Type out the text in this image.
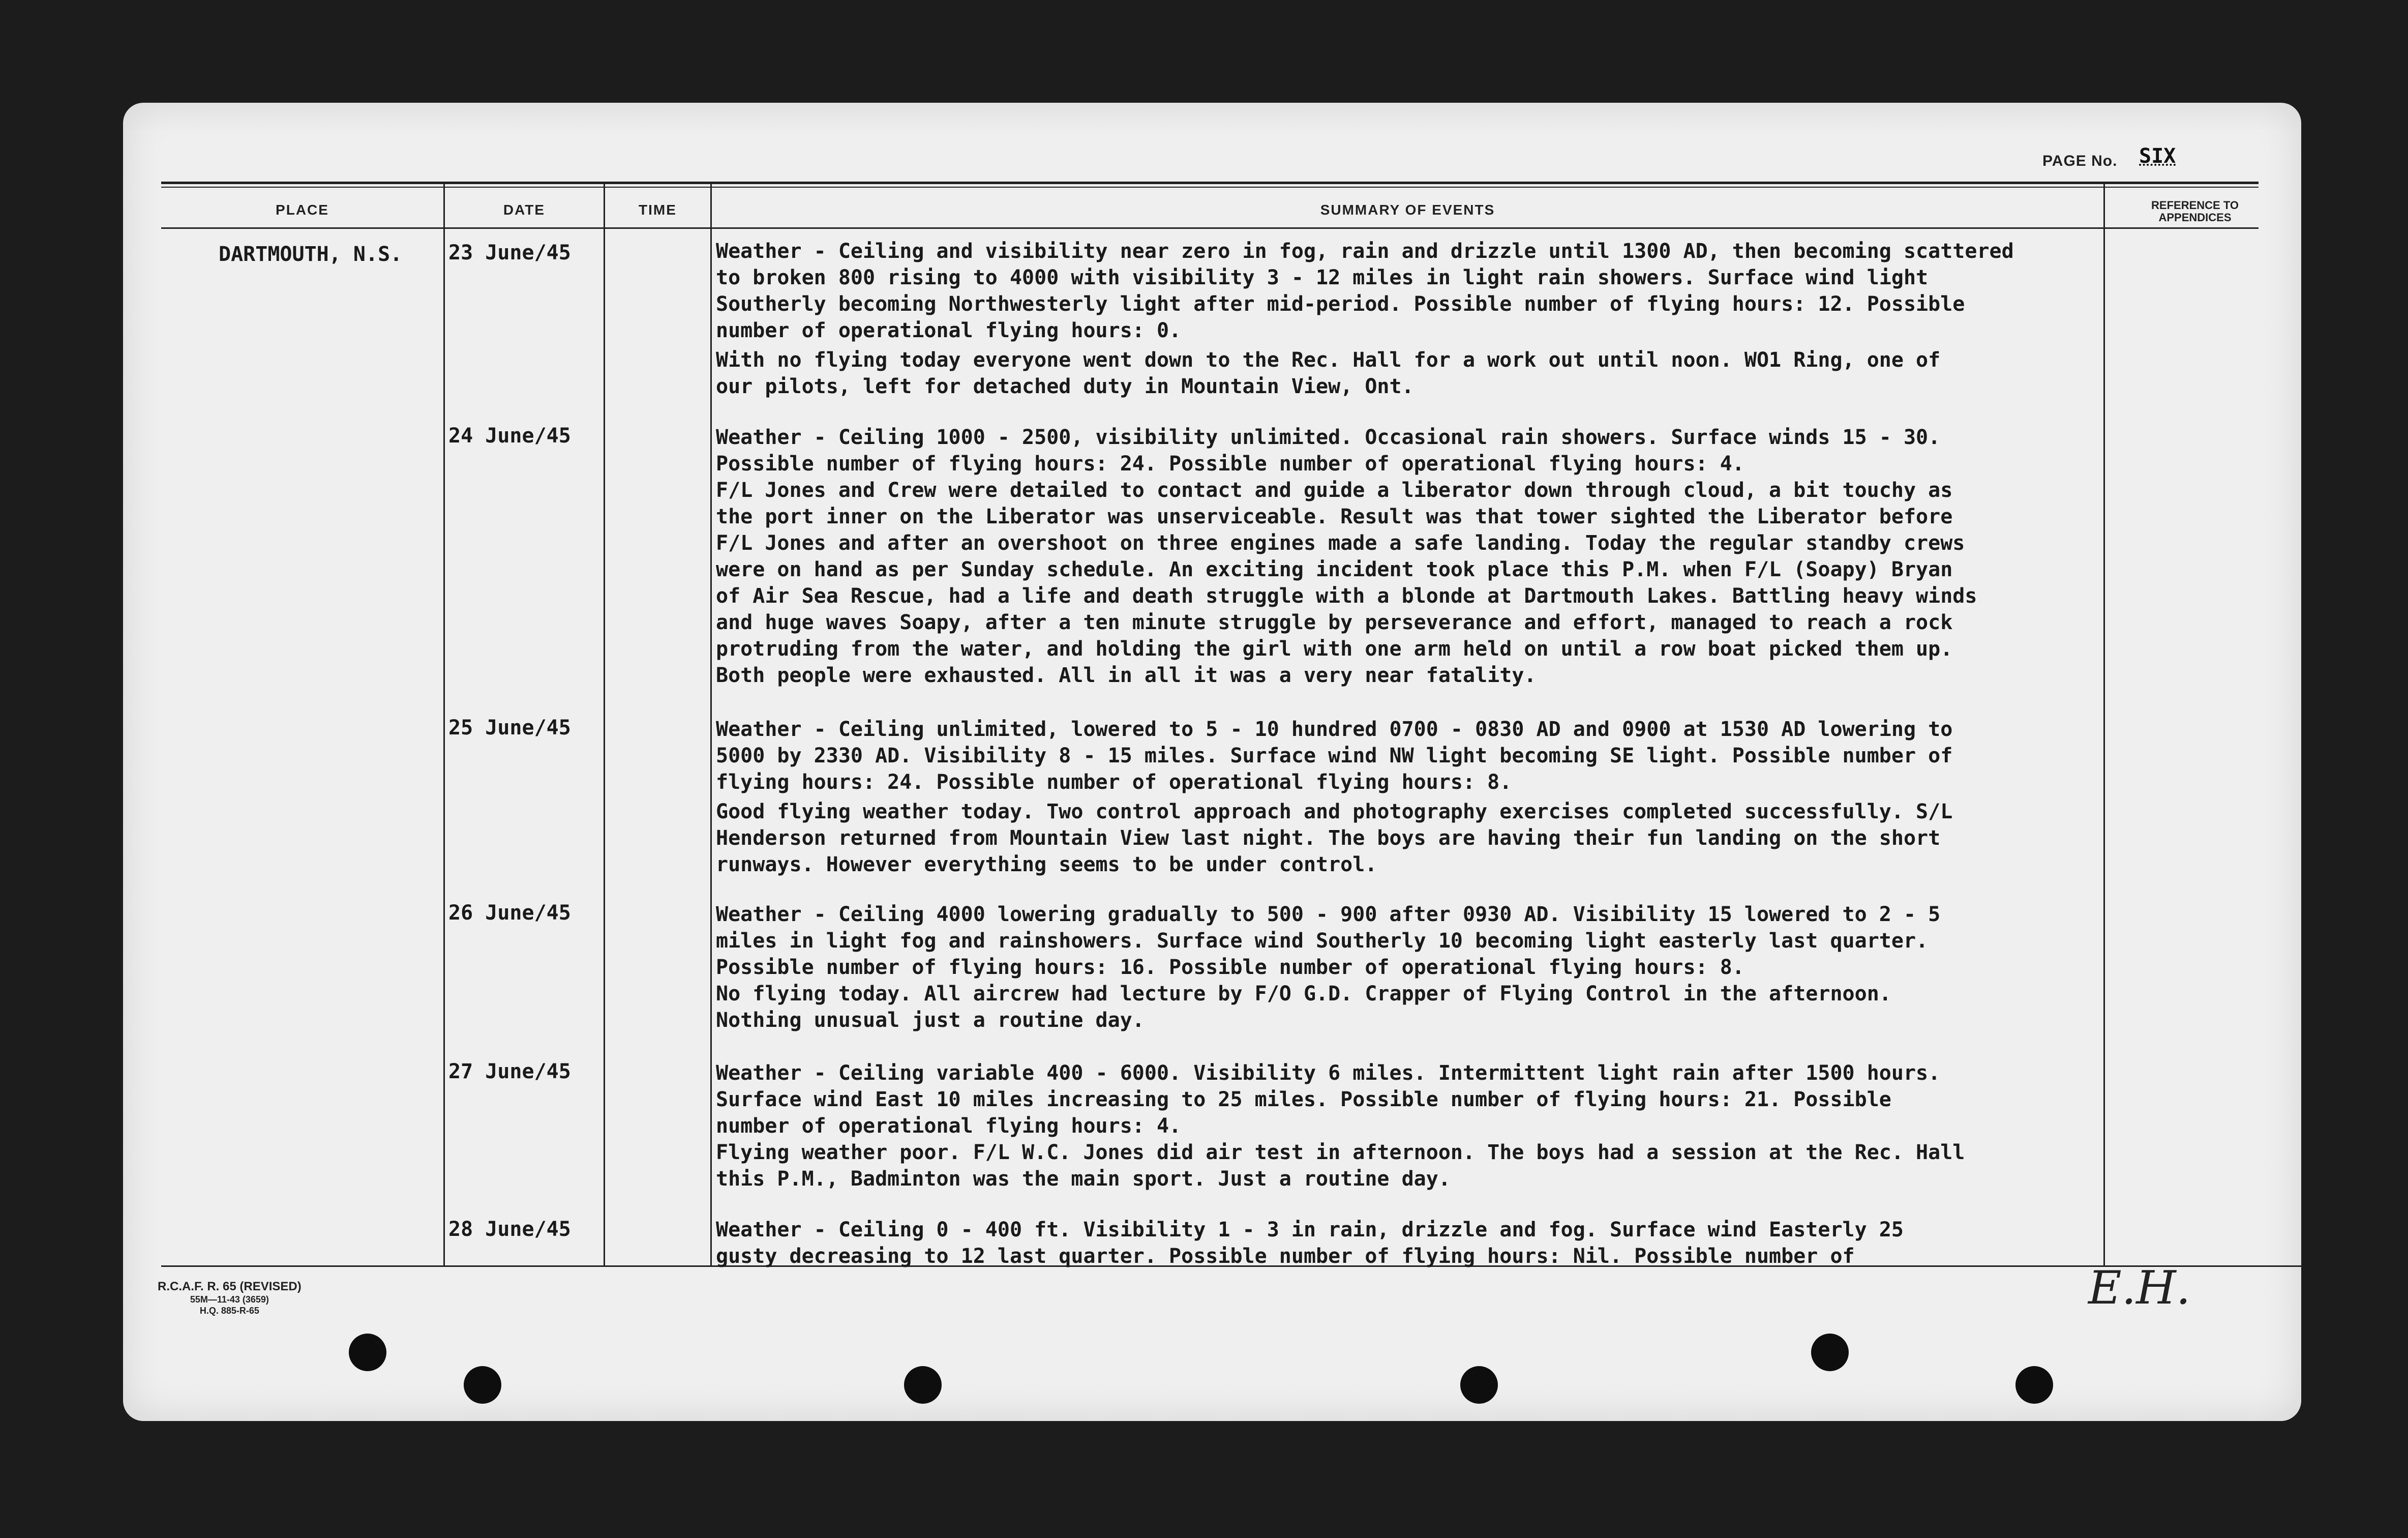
PAGE No. SIX
PLACE	DATE	TIME	SUMMARY OF EVENTS	REFERENCE TO
APPENDICES
DARTMOUTH, N.S. 23 June/45	Weather - Ceiling and visibility near zero in fog, rain and drizzle until 1300 AD, then becoming scattered

to broken 800 rising to 4000 with visibility 3 - 12 miles in light rain showers. Surface wind light

Southerly becoming Northwesterly light after mid-period. Possible number of flying hours: 12. Possible

number of operational flying hours: 0.

With no flying today everyone went down to the Rec. Hall for a work out until noon. WO1 Ring, one of

our pilots, left for detached duty in Mountain View, Ont.

24 June/45	Weather - Ceiling 1000 - 2500, visibility unlimited. Occasional rain showers. Surface winds 15 - 30.

Possible number of flying hours: 24. Possible number of operational flying hours: 4.

F/L Jones and Crew were detailed to contact and guide a liberator down through cloud, a bit touchy as

the port inner on the Liberator was unserviceable. Result was that tower sighted the Liberator before

F/L Jones and after an overshoot on three engines made a safe landing. Today the regular standby crews

were on hand as per Sunday schedule. An exciting incident took place this P.M. when F/L (Soapy) Bryan

of Air Sea Rescue, had a life and death struggle with a blonde at Dartmouth Lakes. Battling heavy winds

and huge waves Soapy, after a ten minute struggle by perseverance and effort, managed to reach a rock

protruding from the water, and holding the girl with one arm held on until a row boat picked them up.

Both people were exhausted. All in all it was a very near fatality.

25 June/45	Weather - Ceiling unlimited, lowered to 5 - 10 hundred 0700 - 0830 AD and 0900 at 1530 AD lowering to

5000 by 2330 AD. Visibility 8 - 15 miles. Surface wind NW light becoming SE light. Possible number of

flying hours: 24. Possible number of operational flying hours: 8.

Good flying weather today. Two control approach and photography exercises completed successfully. S/L

Henderson returned from Mountain View last night. The boys are having their fun landing on the short

runways. However everything seems to be under control.

26 June/45	Weather - Ceiling 4000 lowering gradually to 500 - 900 after 0930 AD. Visibility 15 lowered to 2 - 5

miles in light fog and rainshowers. Surface wind Southerly 10 becoming light easterly last quarter.

Possible number of flying hours: 16. Possible number of operational flying hours: 8.

No flying today. All aircrew had lecture by F/O G.D. Crapper of Flying Control in the afternoon.

Nothing unusual just a routine day.

27 June/45	Weather - Ceiling variable 400 - 6000. Visibility 6 miles. Intermittent light rain after 1500 hours.

Surface wind East 10 miles increasing to 25 miles. Possible number of flying hours: 21. Possible

number of operational flying hours: 4.

Flying weather poor. F/L W.C. Jones did air test in afternoon. The boys had a session at the Rec. Hall

this P.M., Badminton was the main sport. Just a routine day.

28 June/45	Weather - Ceiling 0 - 400 ft. Visibility 1 - 3 in rain, drizzle and fog. Surface wind Easterly 25

gusty decreasing to 12 last quarter. Possible number of flying hours: Nil. Possible number of

R.C.A.F. R. 65 (REVISED)
55M—11-43 (3659)
H.Q. 885-R-65	E.H.
